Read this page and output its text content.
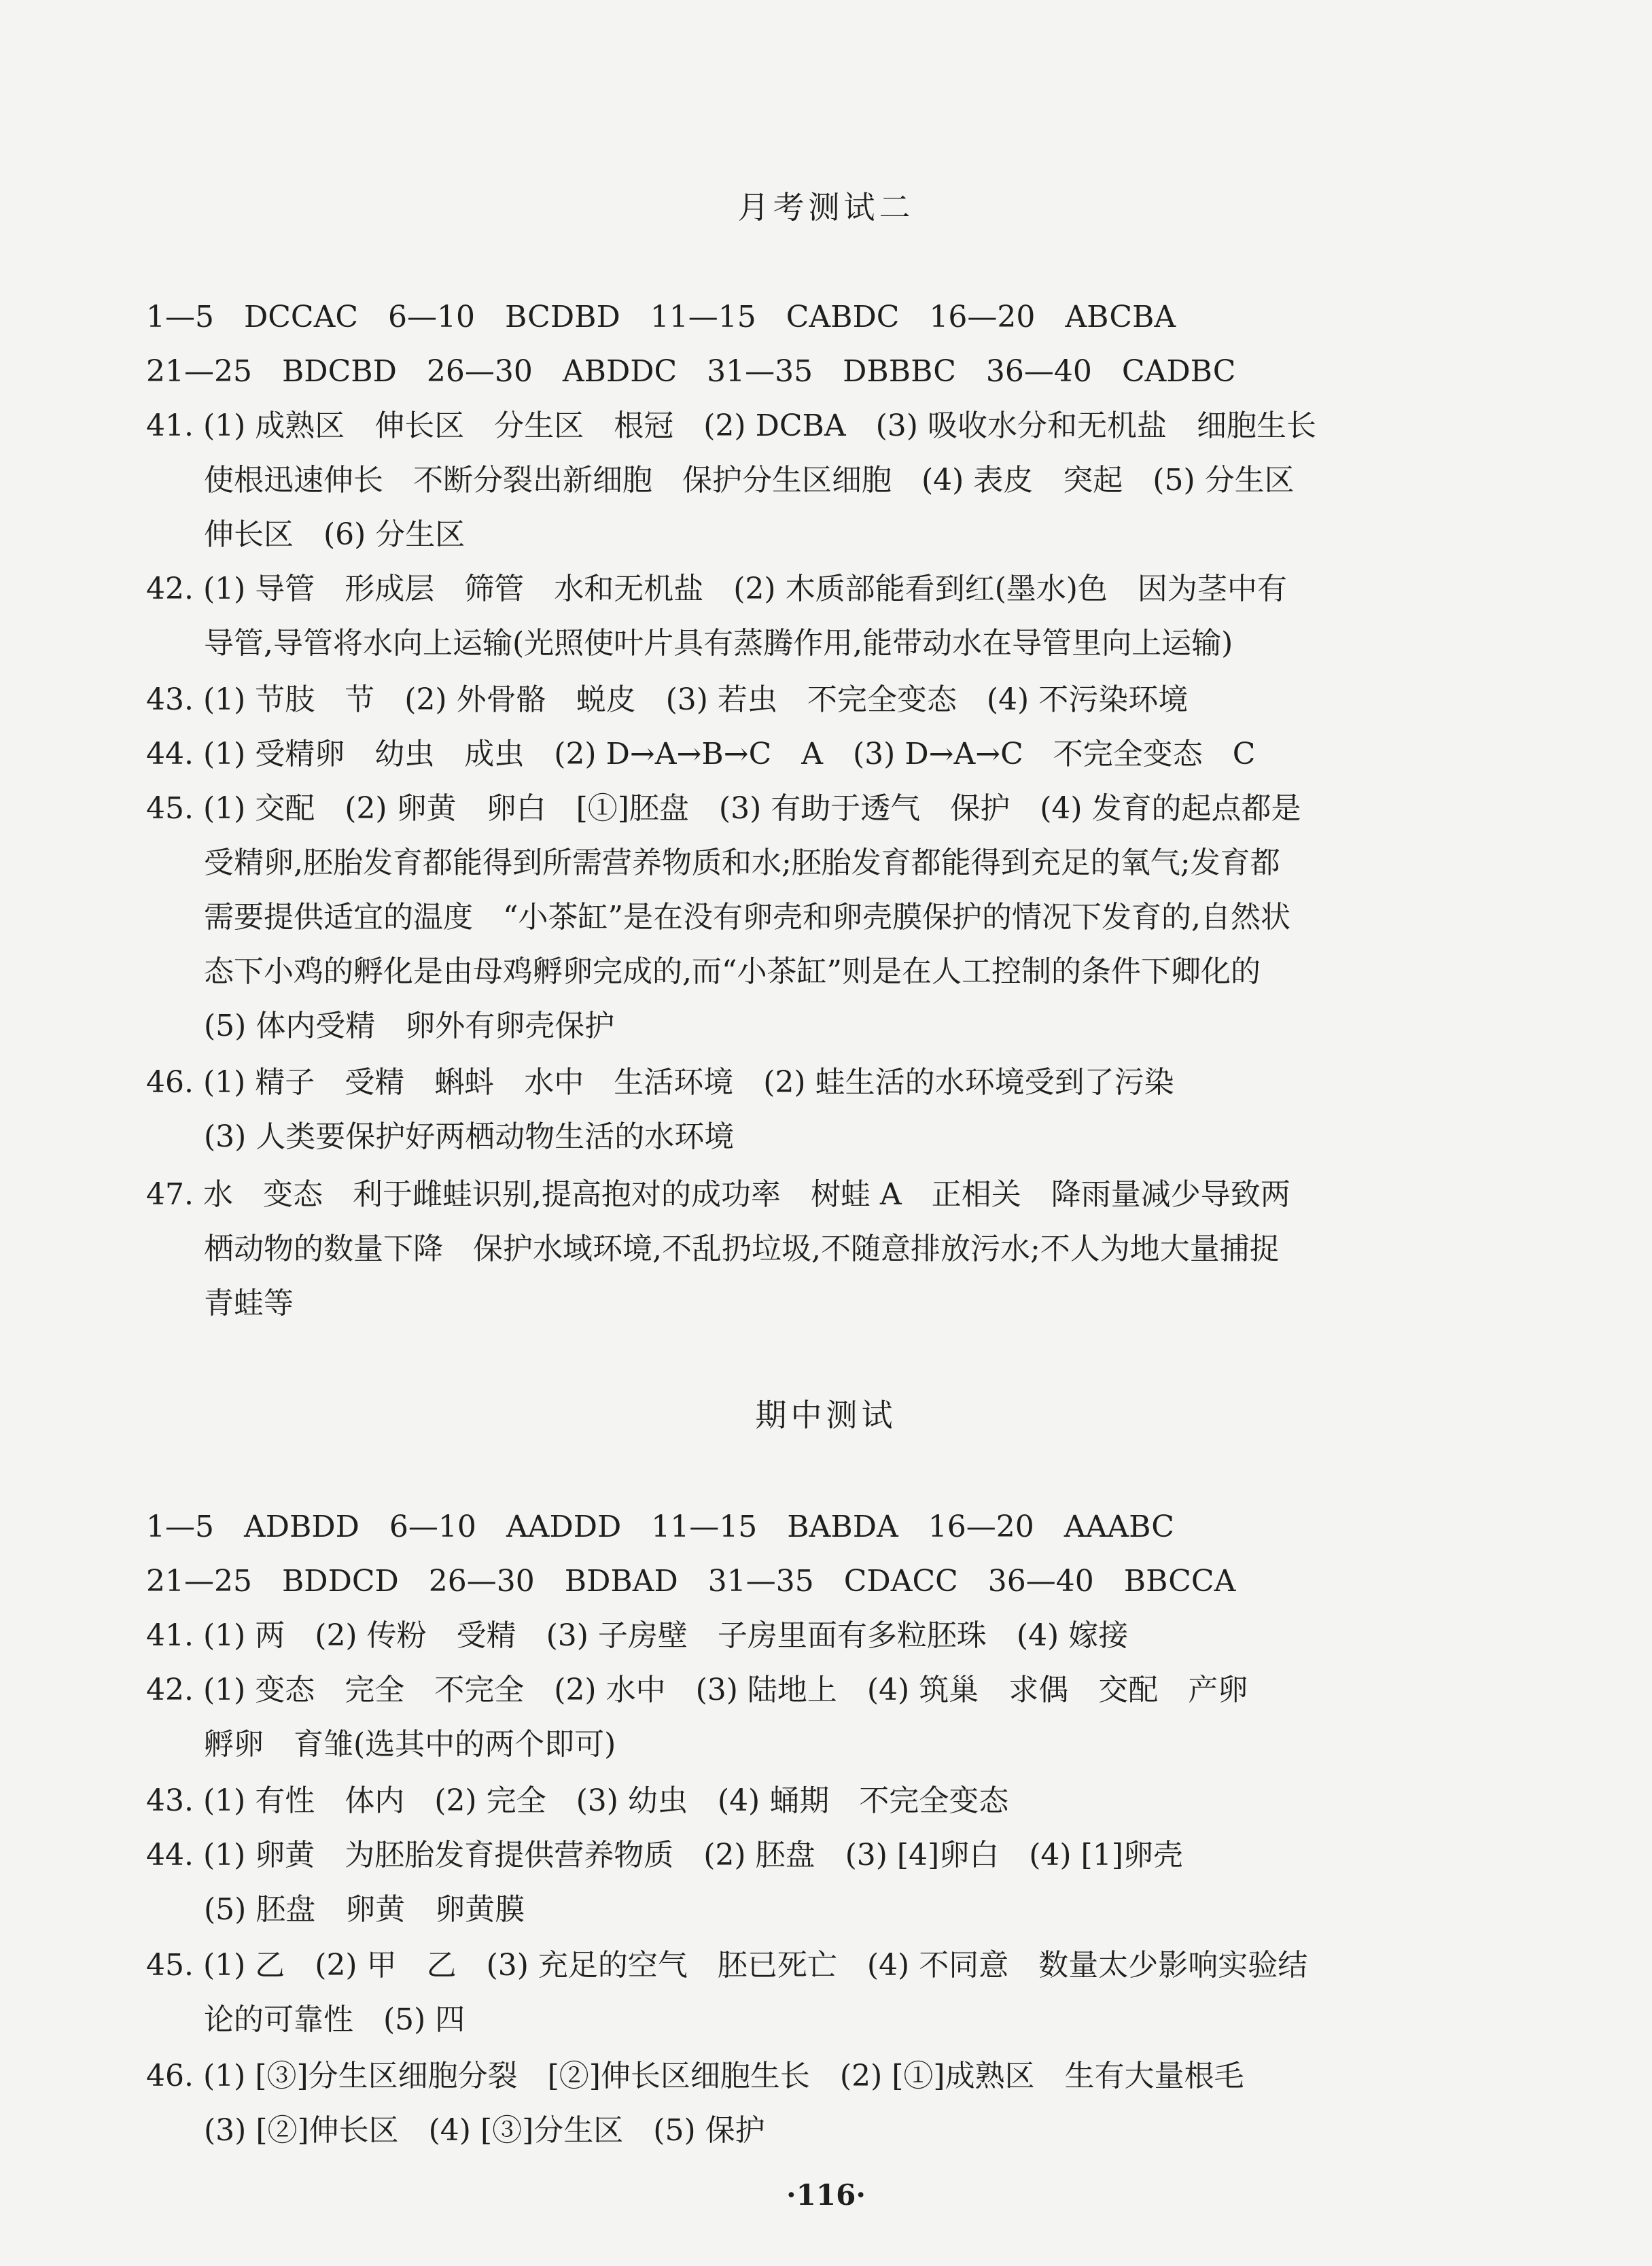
月考测试二
1—5　DCCAC　6—10　BCDBD　11—15　CABDC　16—20　ABCBA
21—25　BDCBD　26—30　ABDDC　31—35　DBBBC　36—40　CADBC
41. (1) 成熟区　伸长区　分生区　根冠　(2) DCBA　(3) 吸收水分和无机盐　细胞生长
使根迅速伸长　不断分裂出新细胞　保护分生区细胞　(4) 表皮　突起　(5) 分生区
伸长区　(6) 分生区
42. (1) 导管　形成层　筛管　水和无机盐　(2) 木质部能看到红(墨水)色　因为茎中有
导管,导管将水向上运输(光照使叶片具有蒸腾作用,能带动水在导管里向上运输)
43. (1) 节肢　节　(2) 外骨骼　蜕皮　(3) 若虫　不完全变态　(4) 不污染环境
44. (1) 受精卵　幼虫　成虫　(2) D→A→B→C　A　(3) D→A→C　不完全变态　C
45. (1) 交配　(2) 卵黄　卵白　[①]胚盘　(3) 有助于透气　保护　(4) 发育的起点都是
受精卵,胚胎发育都能得到所需营养物质和水;胚胎发育都能得到充足的氧气;发育都
需要提供适宜的温度　“小茶缸”是在没有卵壳和卵壳膜保护的情况下发育的,自然状
态下小鸡的孵化是由母鸡孵卵完成的,而“小茶缸”则是在人工控制的条件下卿化的
(5) 体内受精　卵外有卵壳保护
46. (1) 精子　受精　蝌蚪　水中　生活环境　(2) 蛙生活的水环境受到了污染
(3) 人类要保护好两栖动物生活的水环境
47. 水　变态　利于雌蛙识别,提高抱对的成功率　树蛙 A　正相关　降雨量减少导致两
栖动物的数量下降　保护水域环境,不乱扔垃圾,不随意排放污水;不人为地大量捕捉
青蛙等
期中测试
1—5　ADBDD　6—10　AADDD　11—15　BABDA　16—20　AAABC
21—25　BDDCD　26—30　BDBAD　31—35　CDACC　36—40　BBCCA
41. (1) 两　(2) 传粉　受精　(3) 子房壁　子房里面有多粒胚珠　(4) 嫁接
42. (1) 变态　完全　不完全　(2) 水中　(3) 陆地上　(4) 筑巢　求偶　交配　产卵
孵卵　育雏(选其中的两个即可)
43. (1) 有性　体内　(2) 完全　(3) 幼虫　(4) 蛹期　不完全变态
44. (1) 卵黄　为胚胎发育提供营养物质　(2) 胚盘　(3) [4]卵白　(4) [1]卵壳
(5) 胚盘　卵黄　卵黄膜
45. (1) 乙　(2) 甲　乙　(3) 充足的空气　胚已死亡　(4) 不同意　数量太少影响实验结
论的可靠性　(5) 四
46. (1) [③]分生区细胞分裂　[②]伸长区细胞生长　(2) [①]成熟区　生有大量根毛
(3) [②]伸长区　(4) [③]分生区　(5) 保护
·116·
